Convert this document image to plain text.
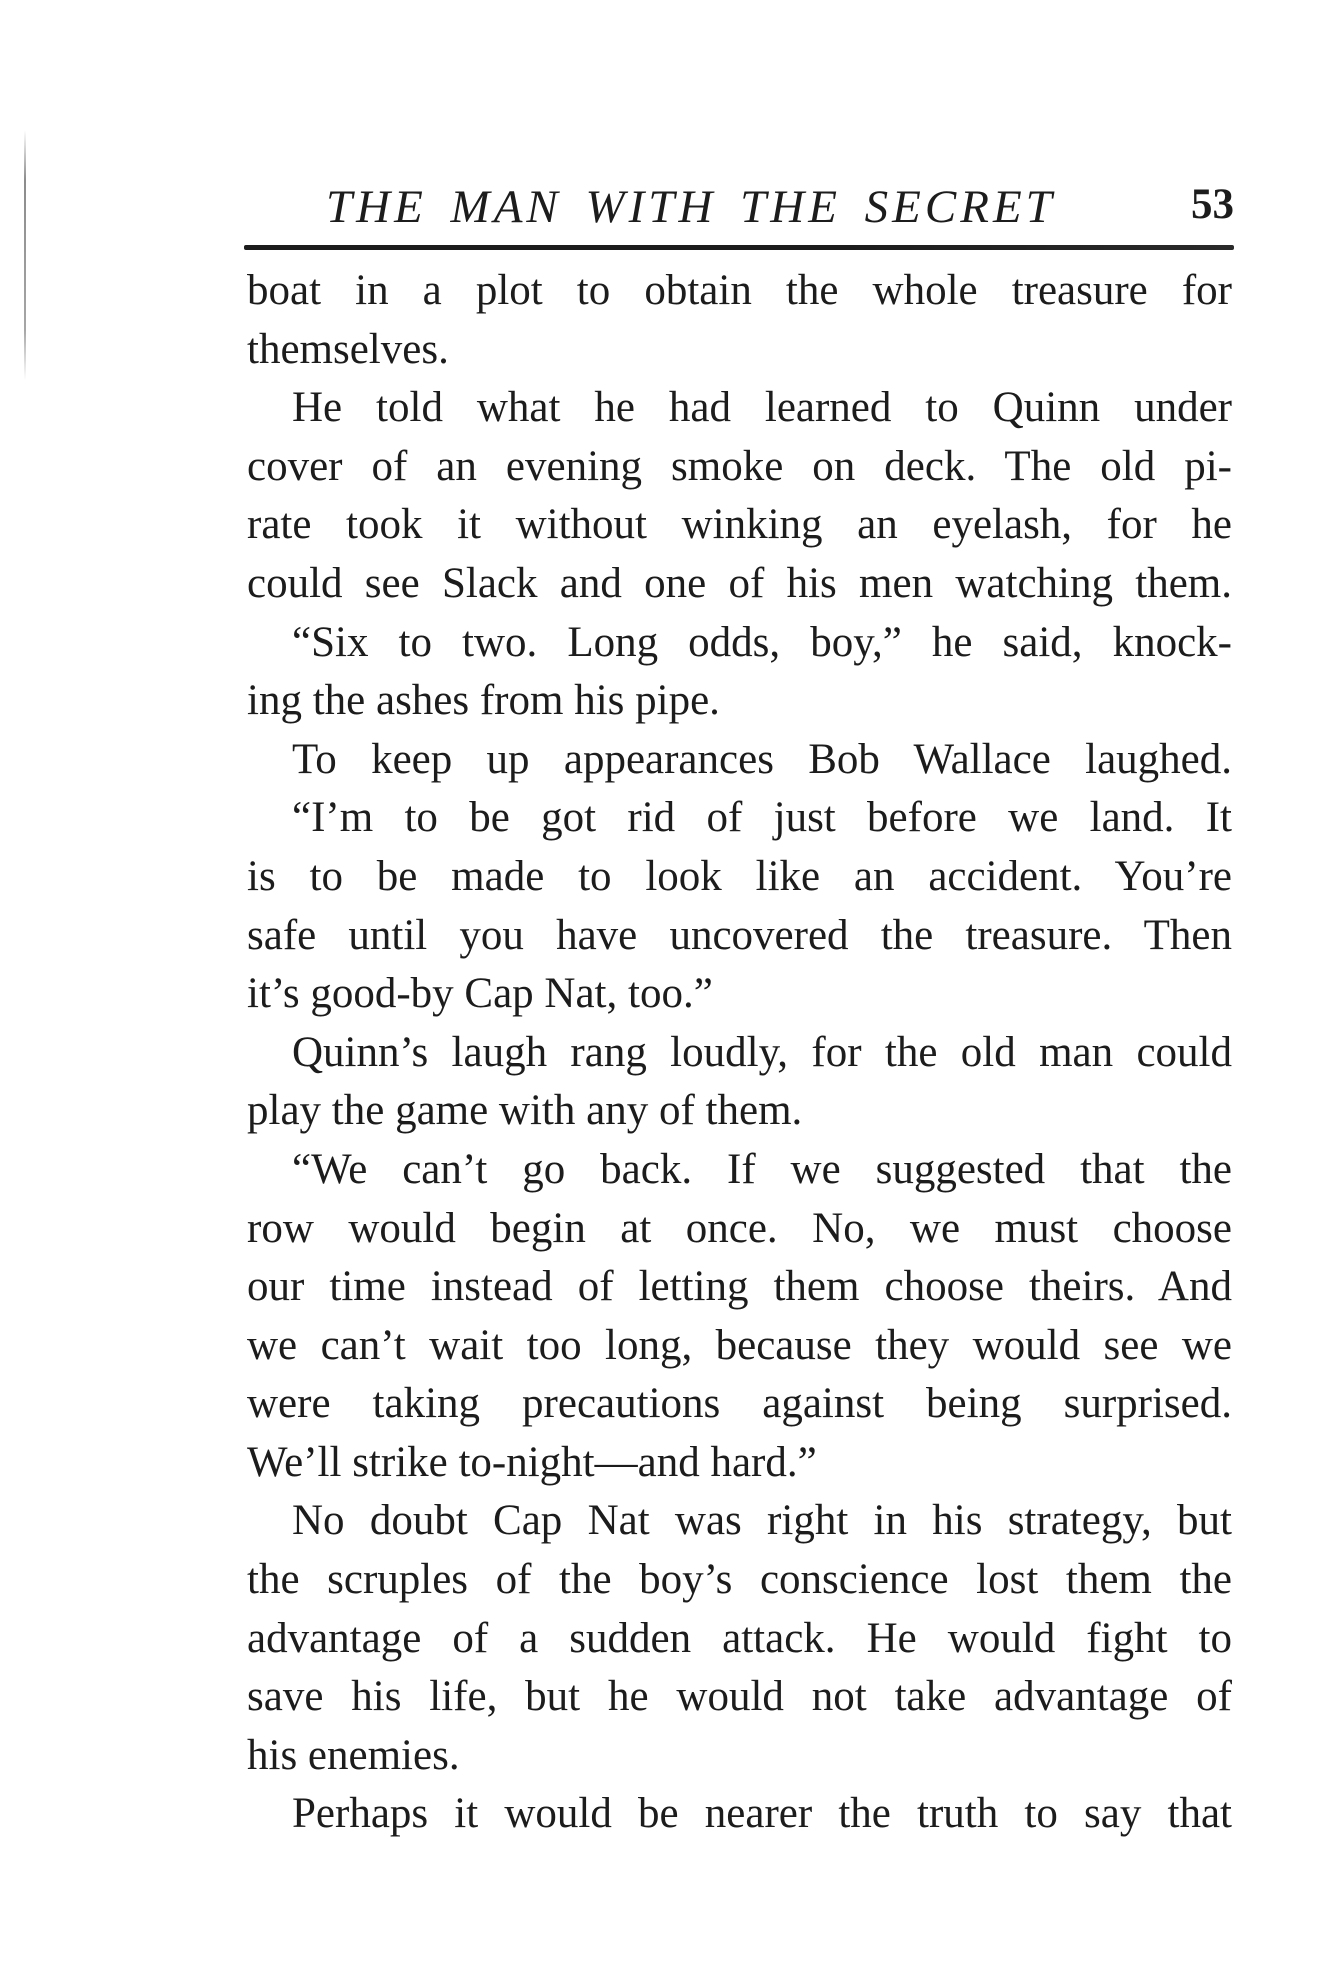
THE MAN WITH THE SECRET	53
boat in a plot to obtain the whole treasure for
themselves.
He told what he had learned to Quinn under
cover of an evening smoke on deck. The old pi-
rate took it without winking an eyelash, for he
could see Slack and one of his men watching them.
“Six to two. Long odds, boy,” he said, knock-
ing the ashes from his pipe.
To keep up appearances Bob Wallace laughed.
“I’m to be got rid of just before we land. It
is to be made to look like an accident. You’re
safe until you have uncovered the treasure. Then
it’s good-by Cap Nat, too.”
Quinn’s laugh rang loudly, for the old man could
play the game with any of them.
“We can’t go back. If we suggested that the
row would begin at once. No, we must choose
our time instead of letting them choose theirs. And
we can’t wait too long, because they would see we
were taking precautions against being surprised.
We’ll strike to-night—and hard.”
No doubt Cap Nat was right in his strategy, but
the scruples of the boy’s conscience lost them the
advantage of a sudden attack. He would fight to
save his life, but he would not take advantage of
his enemies.
Perhaps it would be nearer the truth to say that
